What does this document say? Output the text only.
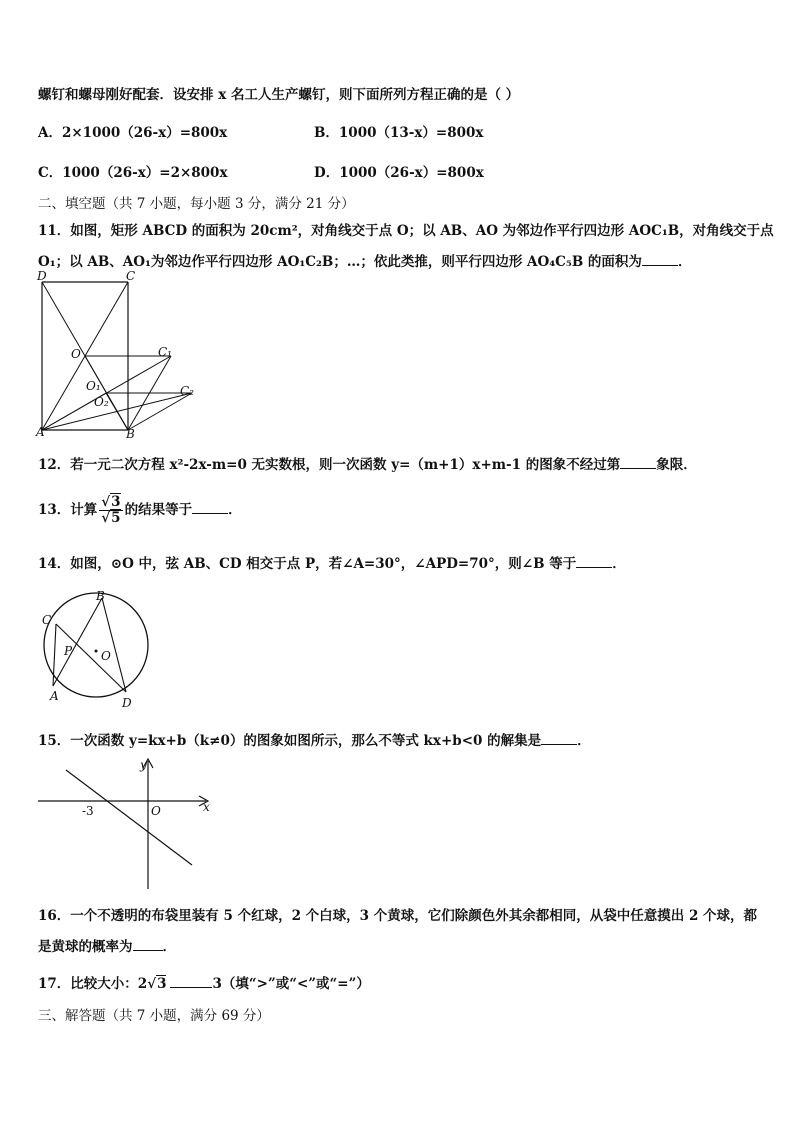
螺钉和螺母刚好配套．设安排 x 名工人生产螺钉，则下面所列方程正确的是（ ）
A．2×1000（26-x）=800x	B．1000（13-x）=800x
C．1000（26-x）=2×800x	D．1000（26-x）=800x
二、填空题（共 7 小题，每小题 3 分，满分 21 分）
11．如图，矩形 ABCD 的面积为 20cm²，对角线交于点 O；以 AB、AO 为邻边作平行四边形 AOC₁B，对角线交于点
O₁；以 AB、AO₁为邻边作平行四边形 AO₁C₂B；…；依此类推，则平行四边形 AO₄C₅B 的面积为	．
D	C
O	C₁
O₁
O₂
C₂
A	B
12．若一元二次方程 x²-2x-m=0 无实数根，则一次函数 y=（m+1）x+m-1 的图象不经过第	象限．
13．计算 $\frac{√3}{√5}$ 的结果等于	．
14．如图，⊙O 中，弦 AB、CD 相交于点 P，若∠A=30°，∠APD=70°，则∠B 等于	．
B
C
P O
A	D
15．一次函数 y=kx+b（k≠0）的图象如图所示，那么不等式 kx+b<0 的解集是	．
y
x
-3	O
16．一个不透明的布袋里装有 5 个红球，2 个白球，3 个黄球，它们除颜色外其余都相同，从袋中任意摸出 2 个球，都
是黄球的概率为 ．
17．比较大小：2√3	3（填“>”或“<”或“=”）
三、解答题（共 7 小题，满分 69 分）
